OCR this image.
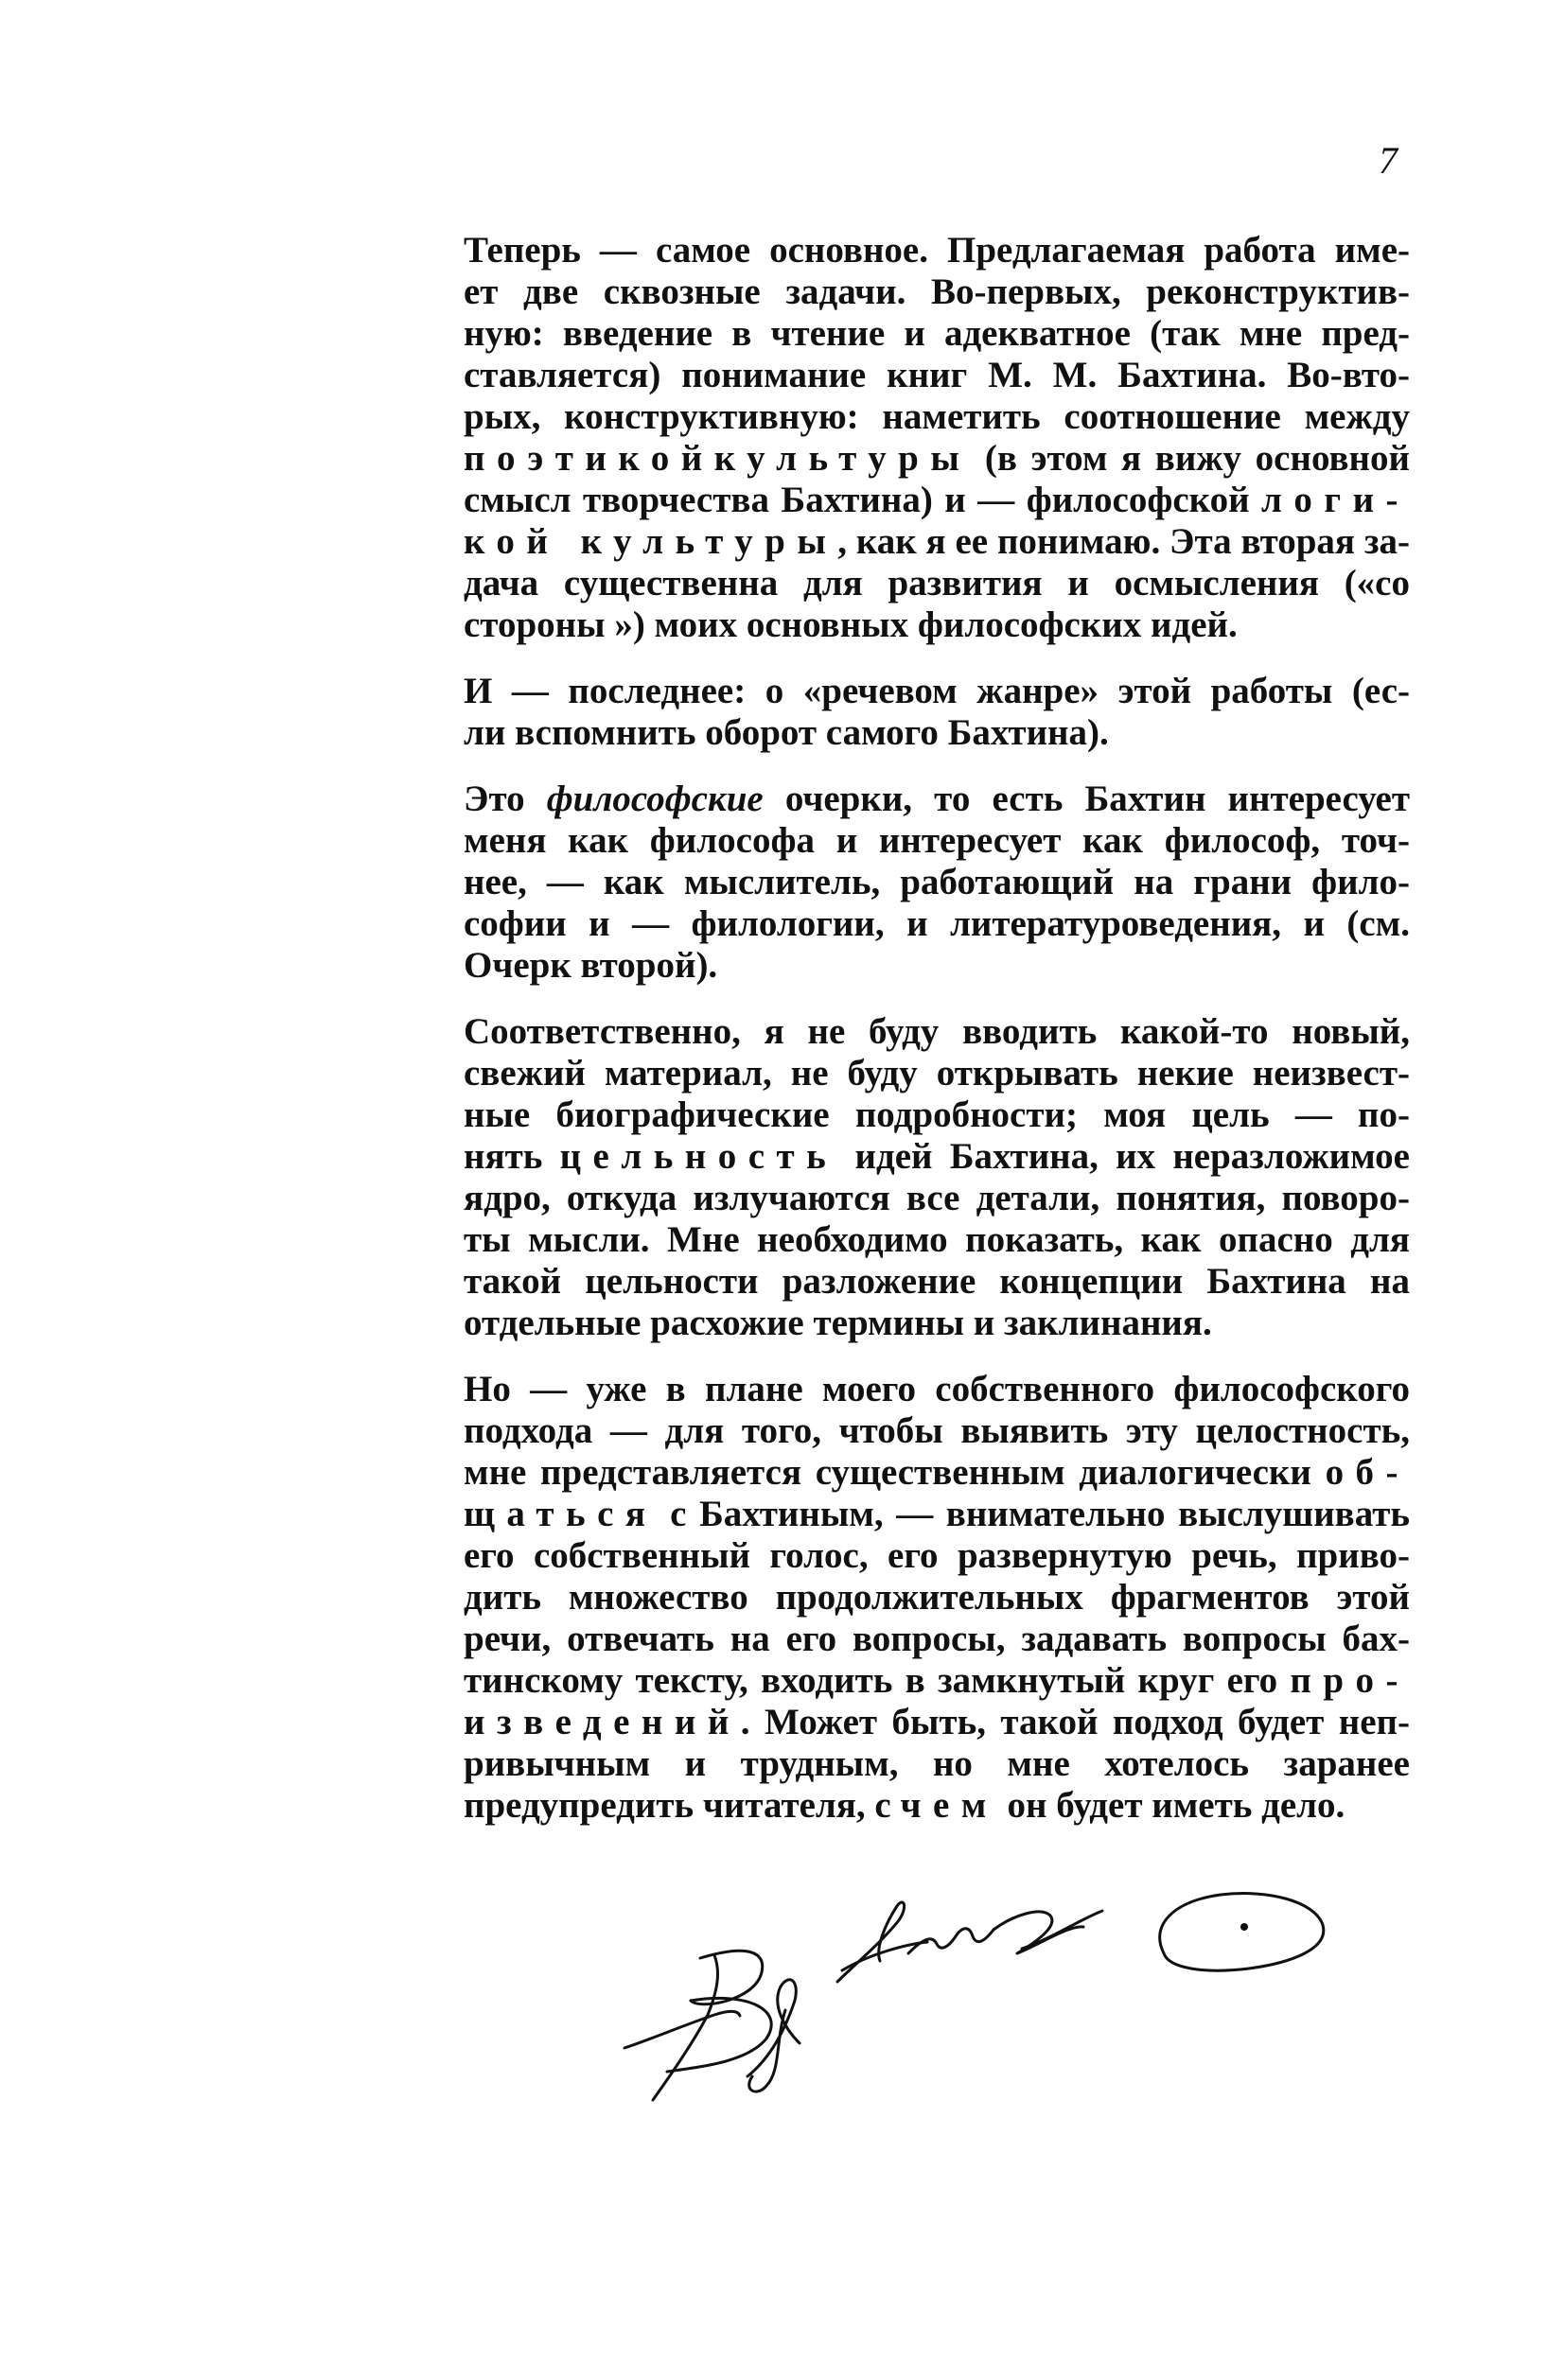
7
Теперь — самое основное. Предлагаемая работа име-
ет две сквозные задачи. Во-первых, реконструктив-
ную: введение в чтение и адекватное (так мне пред-
ставляется) понимание книг М. М. Бахтина. Во-вто-
рых, конструктивную: наметить соотношение между
поэтикойкультуры (в этом я вижу основной
смысл творчества Бахтина) и — философской логи-
кой культуры, как я ее понимаю. Эта вторая за-
дача существенна для развития и осмысления («со
стороны ») моих основных философских идей.
И — последнее: о «речевом жанре» этой работы (ес-
ли вспомнить оборот самого Бахтина).
Это философские очерки, то есть Бахтин интересует
меня как философа и интересует как философ, точ-
нее, — как мыслитель, работающий на грани фило-
софии и — филологии, и литературоведения, и (см.
Очерк второй).
Соответственно, я не буду вводить какой-то новый,
свежий материал, не буду открывать некие неизвест-
ные биографические подробности; моя цель — по-
нять цельность идей Бахтина, их неразложимое
ядро, откуда излучаются все детали, понятия, поворо-
ты мысли. Мне необходимо показать, как опасно для
такой цельности разложение концепции Бахтина на
отдельные расхожие термины и заклинания.
Но — уже в плане моего собственного философского
подхода — для того, чтобы выявить эту целостность,
мне представляется существенным диалогически об-
щаться с Бахтиным, — внимательно выслушивать
его собственный голос, его развернутую речь, приво-
дить множество продолжительных фрагментов этой
речи, отвечать на его вопросы, задавать вопросы бах-
тинскому тексту, входить в замкнутый круг его про-
изведений. Может быть, такой подход будет неп-
ривычным и трудным, но мне хотелось заранее
предупредить читателя, с чем он будет иметь дело.
